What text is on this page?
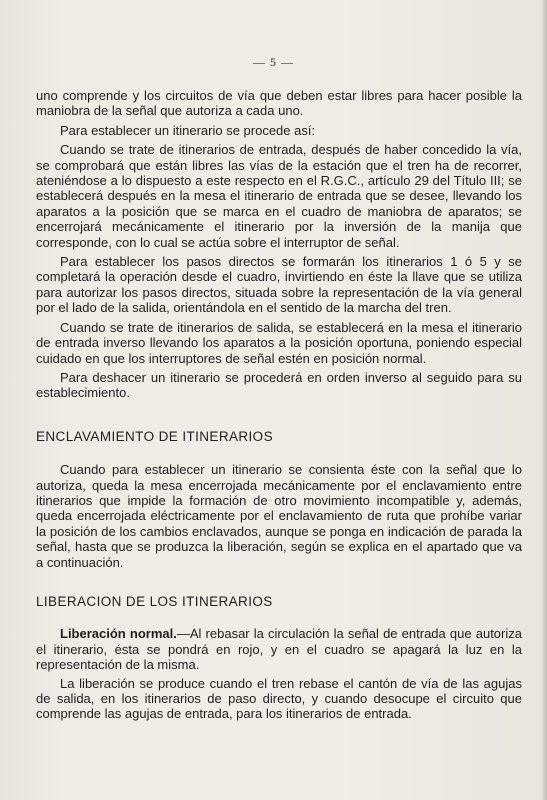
— 5 —

uno comprende y los circuitos de vía que deben estar libres para hacer posible la maniobra de la señal que autoriza a cada uno.

Para establecer un itinerario se procede así:

Cuando se trate de itinerarios de entrada, después de haber concedido la vía, se comprobará que están libres las vías de la estación que el tren ha de recorrer, ateniéndose a lo dispuesto a este respecto en el R.G.C., artículo 29 del Título III; se establecerá después en la mesa el itinerario de entrada que se desee, llevando los aparatos a la posición que se marca en el cuadro de maniobra de aparatos; se encerrojará mecánicamente el itinerario por la inversión de la manija que corresponde, con lo cual se actúa sobre el interruptor de señal.

Para establecer los pasos directos se formarán los itinerarios 1 ó 5 y se completará la operación desde el cuadro, invirtiendo en éste la llave que se utiliza para autorizar los pasos directos, situada sobre la representación de la vía general por el lado de la salida, orientándola en el sentido de la marcha del tren.

Cuando se trate de itinerarios de salida, se establecerá en la mesa el itinerario de entrada inverso llevando los aparatos a la posición oportuna, poniendo especial cuidado en que los interruptores de señal estén en posición normal.

Para deshacer un itinerario se procederá en orden inverso al seguido para su establecimiento.

ENCLAVAMIENTO DE ITINERARIOS

Cuando para establecer un itinerario se consienta éste con la señal que lo autoriza, queda la mesa encerrojada mecánicamente por el enclavamiento entre itinerarios que impide la formación de otro movimiento incompatible y, además, queda encerrojada eléctricamente por el enclavamiento de ruta que prohíbe variar la posición de los cambios enclavados, aunque se ponga en indicación de parada la señal, hasta que se produzca la liberación, según se explica en el apartado que va a continuación.

LIBERACION DE LOS ITINERARIOS

Liberación normal.—Al rebasar la circulación la señal de entrada que autoriza el itinerario, ésta se pondrá en rojo, y en el cuadro se apagará la luz en la representación de la misma.

La liberación se produce cuando el tren rebase el cantón de vía de las agujas de salida, en los itinerarios de paso directo, y cuando desocupe el circuito que comprende las agujas de entrada, para los itinerarios de entrada.
